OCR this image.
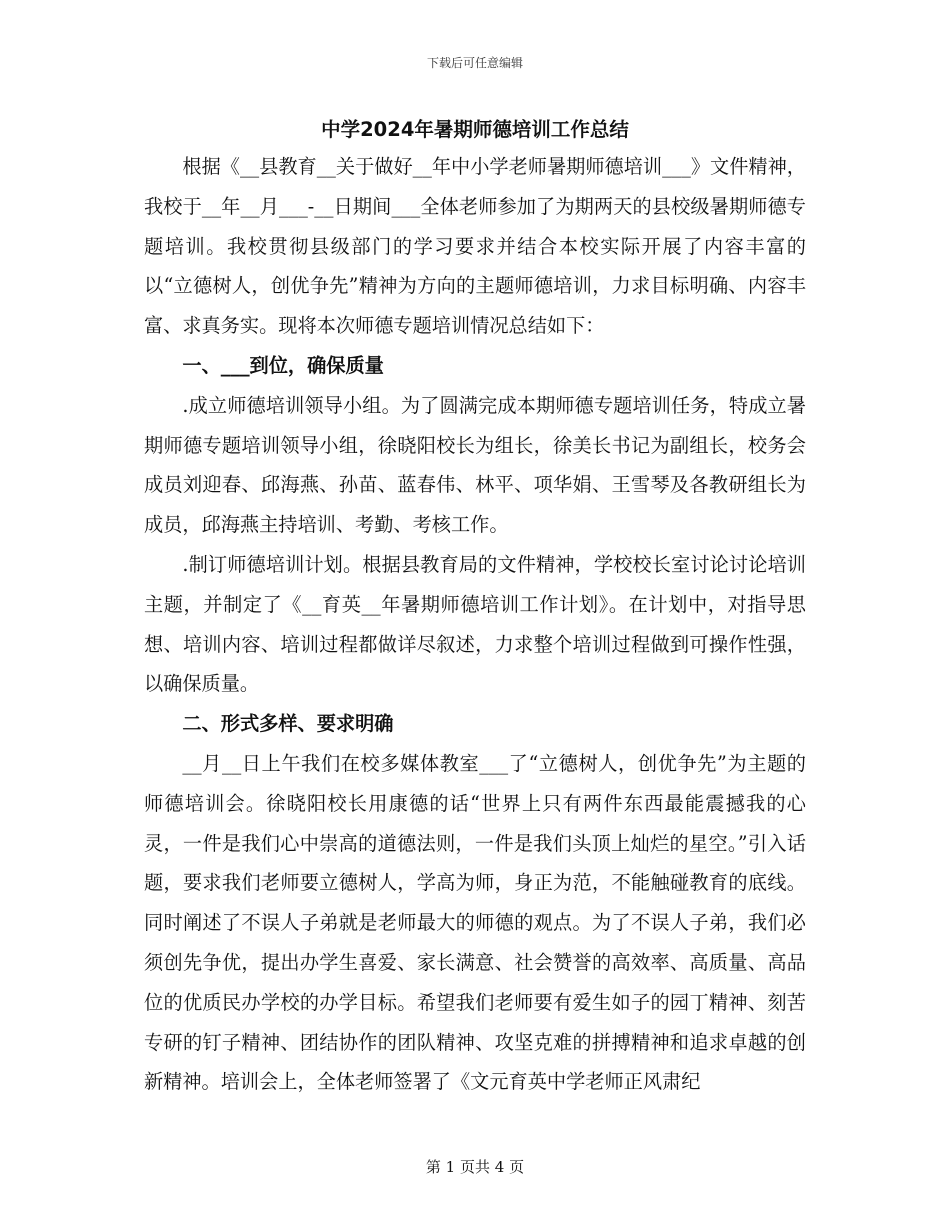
下载后可任意编辑
中学2024年暑期师德培训工作总结

根据《__县教育__关于做好__年中小学老师暑期师德培训___》文件精神，我校于__年__月___-__日期间___全体老师参加了为期两天的县校级暑期师德专题培训。我校贯彻县级部门的学习要求并结合本校实际开展了内容丰富的以“立德树人，创优争先”精神为方向的主题师德培训，力求目标明确、内容丰富、求真务实。现将本次师德专题培训情况总结如下：

一、___到位，确保质量

.成立师德培训领导小组。为了圆满完成本期师德专题培训任务，特成立暑期师德专题培训领导小组，徐晓阳校长为组长，徐美长书记为副组长，校务会成员刘迎春、邱海燕、孙苗、蓝春伟、林平、项华娟、王雪琴及各教研组长为成员，邱海燕主持培训、考勤、考核工作。

.制订师德培训计划。根据县教育局的文件精神，学校校长室讨论讨论培训主题，并制定了《__育英__年暑期师德培训工作计划》。在计划中，对指导思想、培训内容、培训过程都做详尽叙述，力求整个培训过程做到可操作性强，以确保质量。

二、形式多样、要求明确

__月__日上午我们在校多媒体教室___了“立德树人，创优争先”为主题的师德培训会。徐晓阳校长用康德的话“世界上只有两件东西最能震撼我的心灵，一件是我们心中崇高的道德法则，一件是我们头顶上灿烂的星空。”引入话题，要求我们老师要立德树人，学高为师，身正为范，不能触碰教育的底线。同时阐述了不误人子弟就是老师最大的师德的观点。为了不误人子弟，我们必须创先争优，提出办学生喜爱、家长满意、社会赞誉的高效率、高质量、高品位的优质民办学校的办学目标。希望我们老师要有爱生如子的园丁精神、刻苦专研的钉子精神、团结协作的团队精神、攻坚克难的拼搏精神和追求卓越的创新精神。培训会上，全体老师签署了《文元育英中学老师正风肃纪

第 1 页共 4 页
